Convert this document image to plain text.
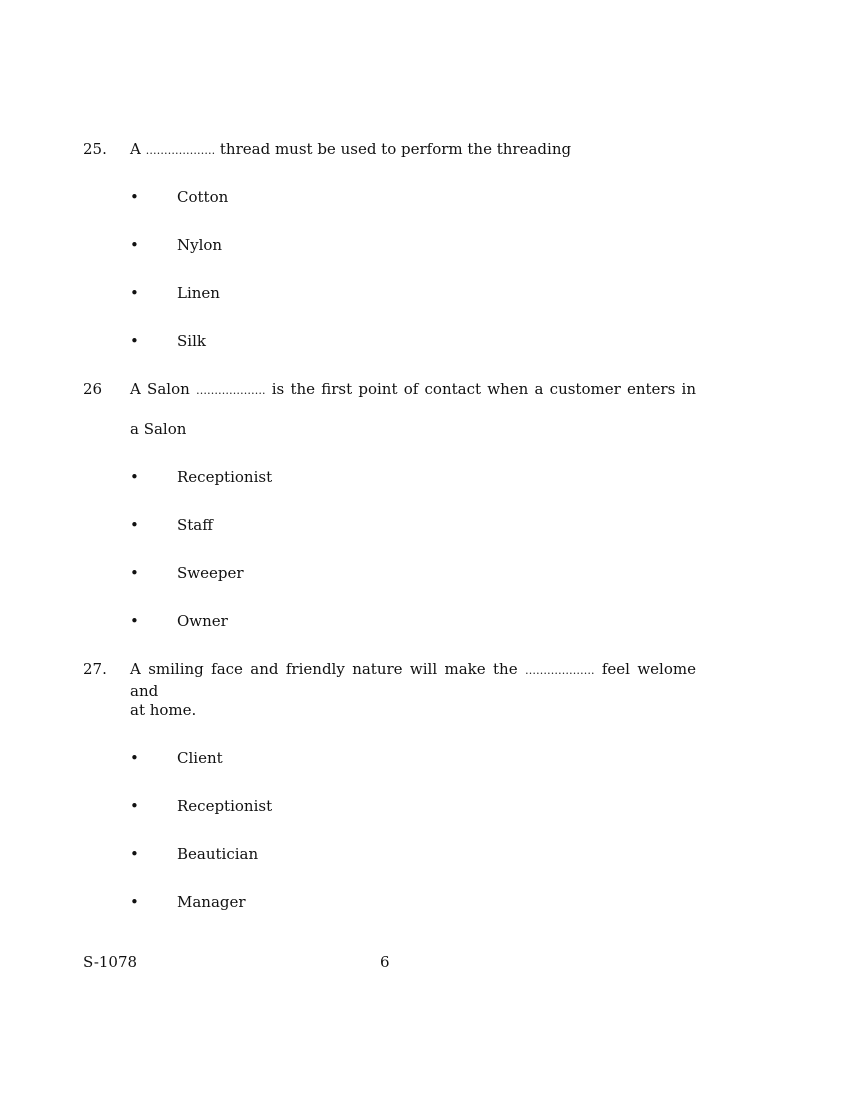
25. A ………………. thread must be used to perform the threading
•	Cotton
•	Nylon
•	Linen
•	Silk
26 A Salon ………………. is the first point of contact when a customer enters in
a Salon
•	Receptionist
•	Staff
•	Sweeper
•	Owner
27. A smiling face and friendly nature will make the ………………. feel welome and
at home.
•	Client
•	Receptionist
•	Beautician
•	Manager
S-1078	6
